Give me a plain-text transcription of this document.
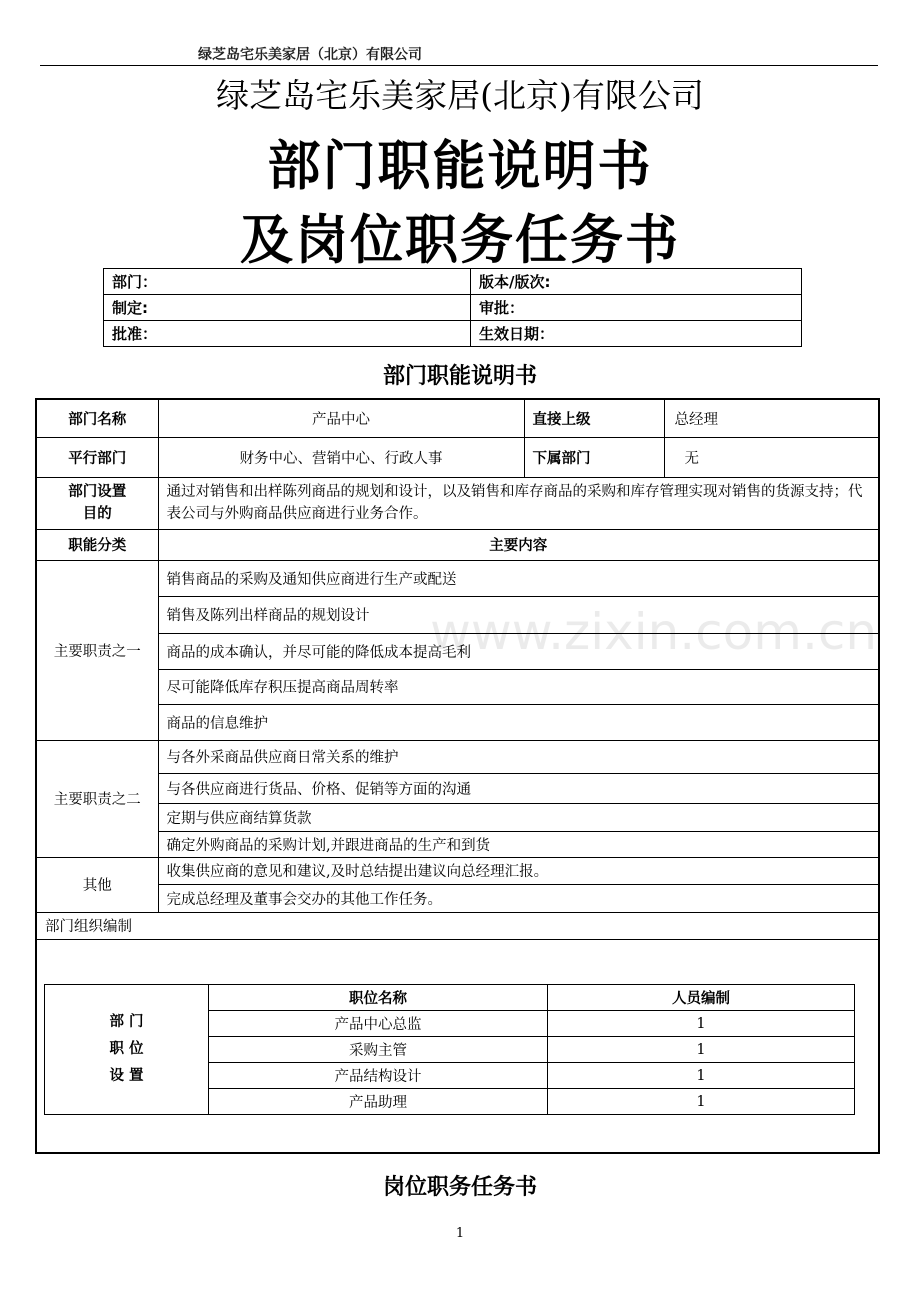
绿芝岛宅乐美家居（北京）有限公司
绿芝岛宅乐美家居(北京)有限公司
部门职能说明书
及岗位职务任务书
部门：	版本/版次:
制定:	审批：
批准：	生效日期：
部门职能说明书
部门名称	产品中心	直接上级	总经理
平行部门	财务中心、营销中心、行政人事	下属部门	无

部门设置
目的	通过对销售和出样陈列商品的规划和设计，以及销售和库存商品的采购和库存管理实现对销售的货源支持；代表公司与外购商品供应商进行业务合作。		
职能分类	主要内容		
主要职责之一	销售商品的采购及通知供应商进行生产或配送		
	销售及陈列出样商品的规划设计		
	商品的成本确认，并尽可能的降低成本提高毛利		
	尽可能降低库存积压提高商品周转率		
	商品的信息维护		
主要职责之二	与各外采商品供应商日常关系的维护		
	与各供应商进行货品、价格、促销等方面的沟通		
	定期与供应商结算货款		
	确定外购商品的采购计划,并跟进商品的生产和到货		
其他	收集供应商的意见和建议,及时总结提出建议向总经理汇报。		
	完成总经理及董事会交办的其他工作任务。		
部门组织编制			

www.zixin.com.cn
部 门
职 位
设 置	职位名称	人员编制
	产品中心总监	1
	采购主管	1
	产品结构设计	1
	产品助理	1
岗位职务任务书
1
